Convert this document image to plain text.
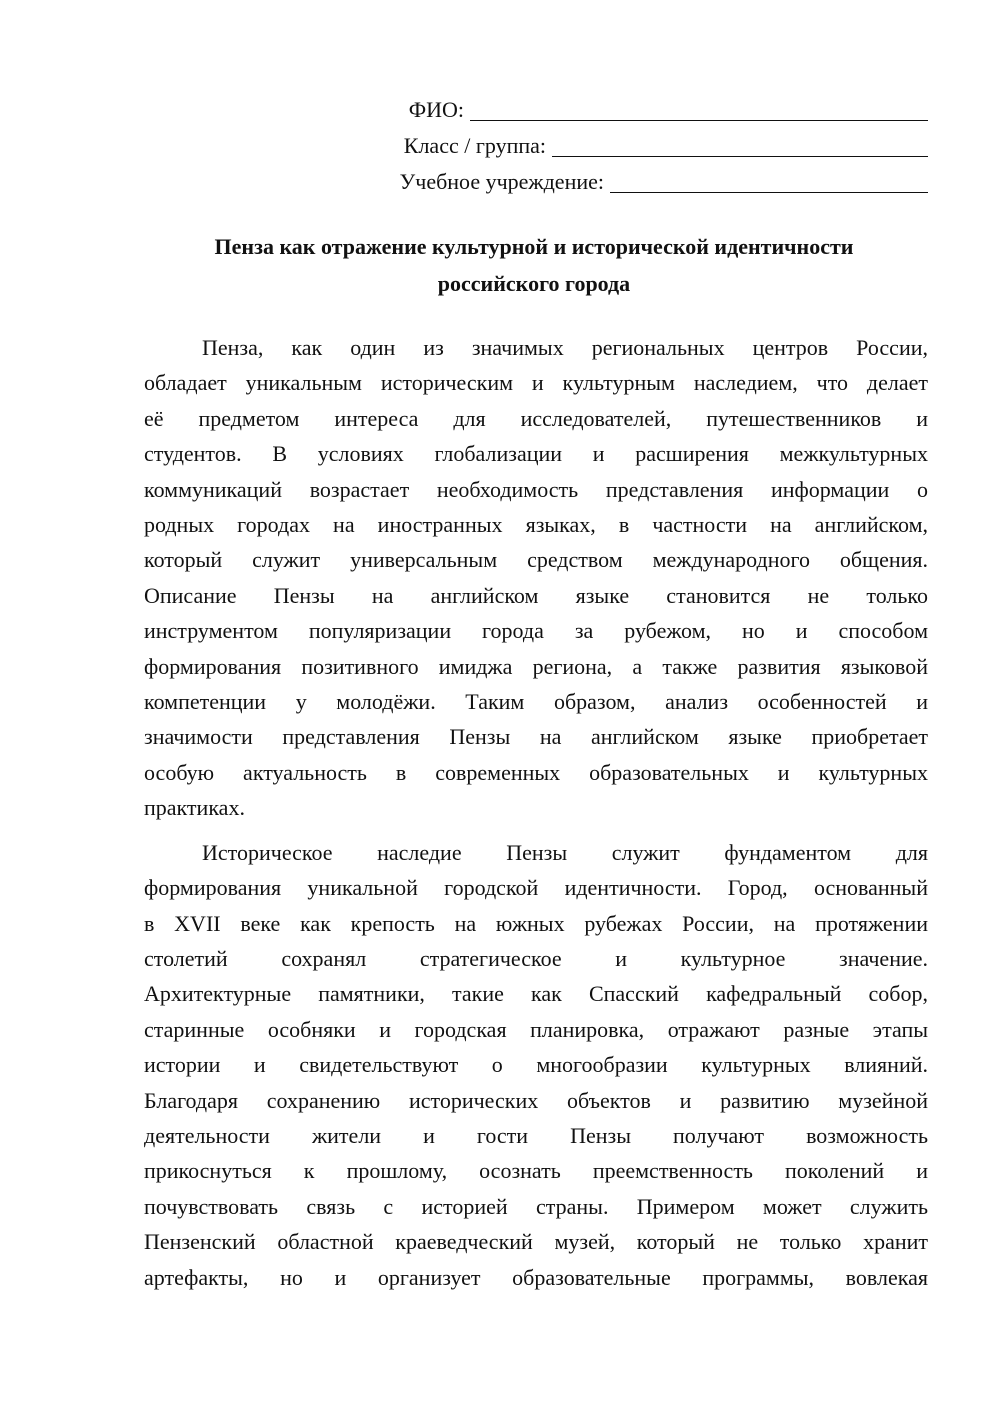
ФИО:
Класс / группа:
Учебное учреждение:
Пенза как отражение культурной и исторической идентичности
российского города

Пенза, как один из значимых региональных центров России,
обладает уникальным историческим и культурным наследием, что делает
её предметом интереса для исследователей, путешественников и
студентов. В условиях глобализации и расширения межкультурных
коммуникаций возрастает необходимость представления информации о
родных городах на иностранных языках, в частности на английском,
который служит универсальным средством международного общения.
Описание Пензы на английском языке становится не только
инструментом популяризации города за рубежом, но и способом
формирования позитивного имиджа региона, а также развития языковой
компетенции у молодёжи. Таким образом, анализ особенностей и
значимости представления Пензы на английском языке приобретает
особую актуальность в современных образовательных и культурных
практиках.

Историческое наследие Пензы служит фундаментом для
формирования уникальной городской идентичности. Город, основанный
в XVII веке как крепость на южных рубежах России, на протяжении
столетий сохранял стратегическое и культурное значение.
Архитектурные памятники, такие как Спасский кафедральный собор,
старинные особняки и городская планировка, отражают разные этапы
истории и свидетельствуют о многообразии культурных влияний.
Благодаря сохранению исторических объектов и развитию музейной
деятельности жители и гости Пензы получают возможность
прикоснуться к прошлому, осознать преемственность поколений и
почувствовать связь с историей страны. Примером может служить
Пензенский областной краеведческий музей, который не только хранит
артефакты, но и организует образовательные программы, вовлекая
